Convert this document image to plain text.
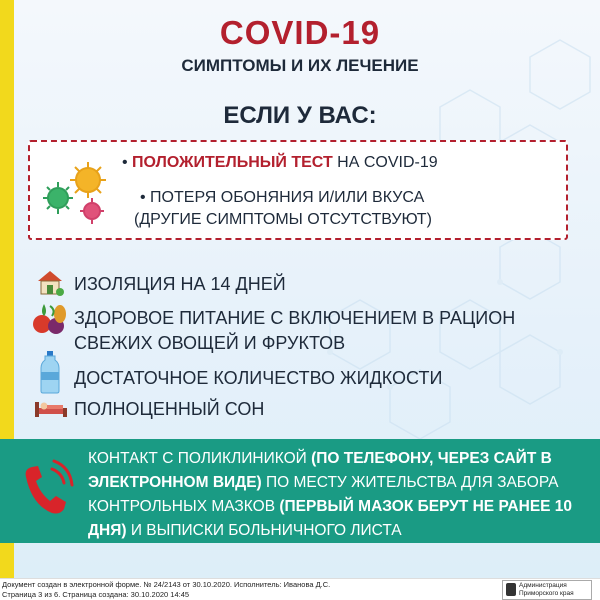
COVID-19
СИМПТОМЫ И ИХ ЛЕЧЕНИЕ
ЕСЛИ У ВАС:
• ПОЛОЖИТЕЛЬНЫЙ ТЕСТ НА COVID-19
• ПОТЕРЯ ОБОНЯНИЯ И/ИЛИ ВКУСА
(ДРУГИЕ СИМПТОМЫ ОТСУТСТВУЮТ)
ИЗОЛЯЦИЯ НА 14 ДНЕЙ
ЗДОРОВОЕ ПИТАНИЕ С ВКЛЮЧЕНИЕМ В РАЦИОН
СВЕЖИХ ОВОЩЕЙ И ФРУКТОВ
ДОСТАТОЧНОЕ КОЛИЧЕСТВО ЖИДКОСТИ
ПОЛНОЦЕННЫЙ СОН
КОНТАКТ С ПОЛИКЛИНИКОЙ (ПО ТЕЛЕФОНУ, ЧЕРЕЗ САЙТ В ЭЛЕКТРОННОМ ВИДЕ) ПО МЕСТУ ЖИТЕЛЬСТВА ДЛЯ ЗАБОРА КОНТРОЛЬНЫХ МАЗКОВ (ПЕРВЫЙ МАЗОК БЕРУТ НЕ РАНЕЕ 10 ДНЯ) И ВЫПИСКИ БОЛЬНИЧНОГО ЛИСТА
Документ создан в электронной форме. № 24/2143 от 30.10.2020. Исполнитель: Иванова Д.С.
Страница 3 из 6. Страница создана: 30.10.2020 14:45
Администрация
Приморского края
